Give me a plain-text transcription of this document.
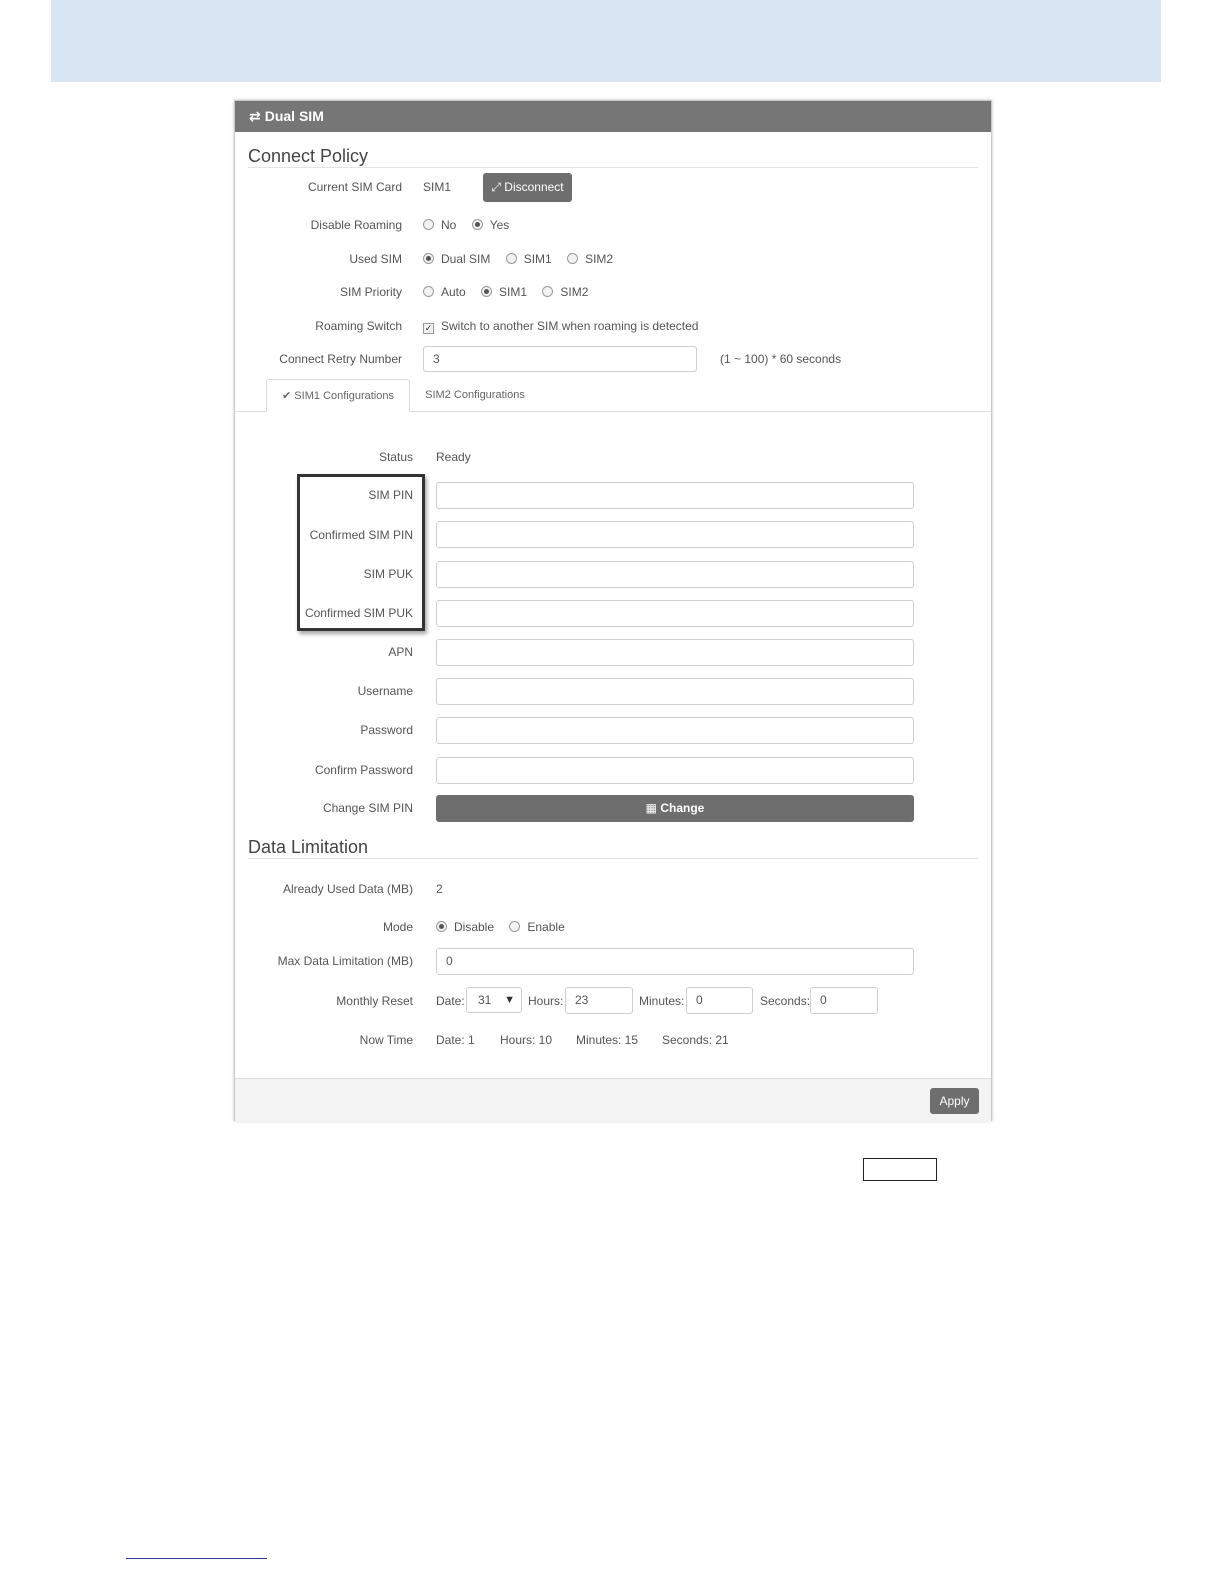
⇄ Dual SIM
Connect Policy
Current SIM Card SIM1	⤢ Disconnect
Disable Roaming	No	Yes
Used SIM	Dual SIM	SIM1	SIM2
SIM Priority	Auto	SIM1	SIM2
Roaming Switch	✓ Switch to another SIM when roaming is detected
Connect Retry Number	3	(1 ~ 100) * 60 seconds
✔ SIM1 Configurations	SIM2 Configurations
Status Ready
SIM PIN
Confirmed SIM PIN
SIM PUK
Confirmed SIM PUK
APN
Username
Password
Confirm Password
Change SIM PIN	▦ Change
Data Limitation
Already Used Data (MB) 2
Mode	Disable	Enable
Max Data Limitation (MB)	0
Monthly Reset Date:	31 ▼ Hours: 23	Minutes: 0	Seconds: 0
Now Time Date: 1 Hours: 10 Minutes: 15 Seconds: 21
Apply
